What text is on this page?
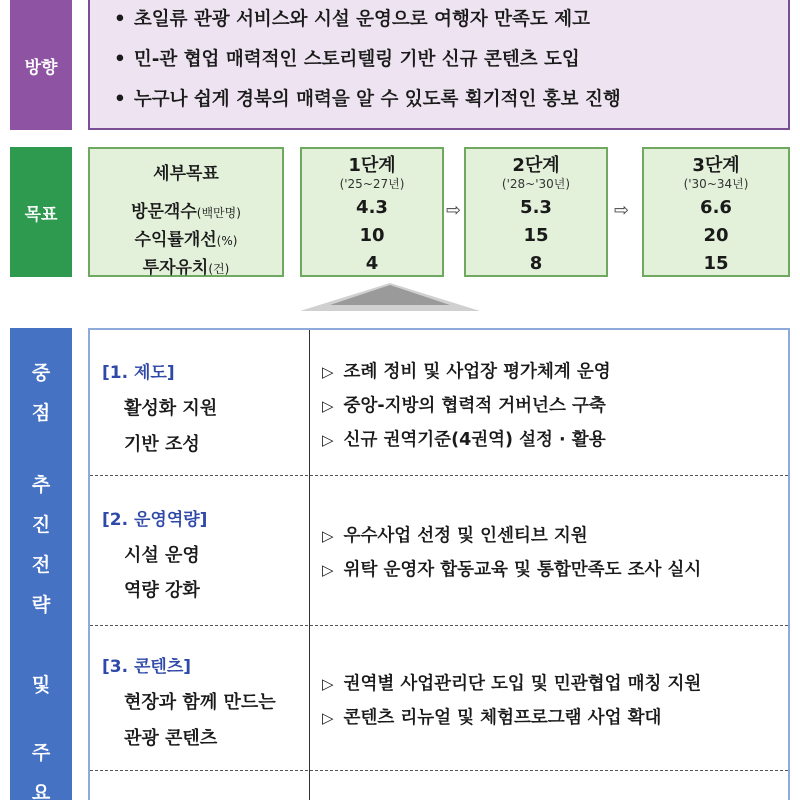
방향
• 초일류 관광 서비스와 시설 운영으로 여행자 만족도 제고
• 민-관 협업 매력적인 스토리텔링 기반 신규 콘텐츠 도입
• 누구나 쉽게 경북의 매력을 알 수 있도록 획기적인 홍보 진행
목표
세부목표
방문객수(백만명)
수익률개선(%)
투자유치(건)
1단계
('25~27년)
4.3
10
4
⇨
2단계
('28~'30년)
5.3
15
8
⇨
3단계
('30~34년)
6.6
20
15
중
점
추
진
전
략
및
주
요
[1. 제도]
활성화 지원
기반 조성
▷ 조례 정비 및 사업장 평가체계 운영
▷ 중앙-지방의 협력적 거버넌스 구축
▷ 신규 권역기준(4권역) 설정 · 활용
[2. 운영역량]
시설 운영
역량 강화
▷ 우수사업 선정 및 인센티브 지원
▷ 위탁 운영자 합동교육 및 통합만족도 조사 실시
[3. 콘텐츠]
현장과 함께 만드는
관광 콘텐츠
▷ 권역별 사업관리단 도입 및 민관협업 매칭 지원
▷ 콘텐츠 리뉴얼 및 체험프로그램 사업 확대
